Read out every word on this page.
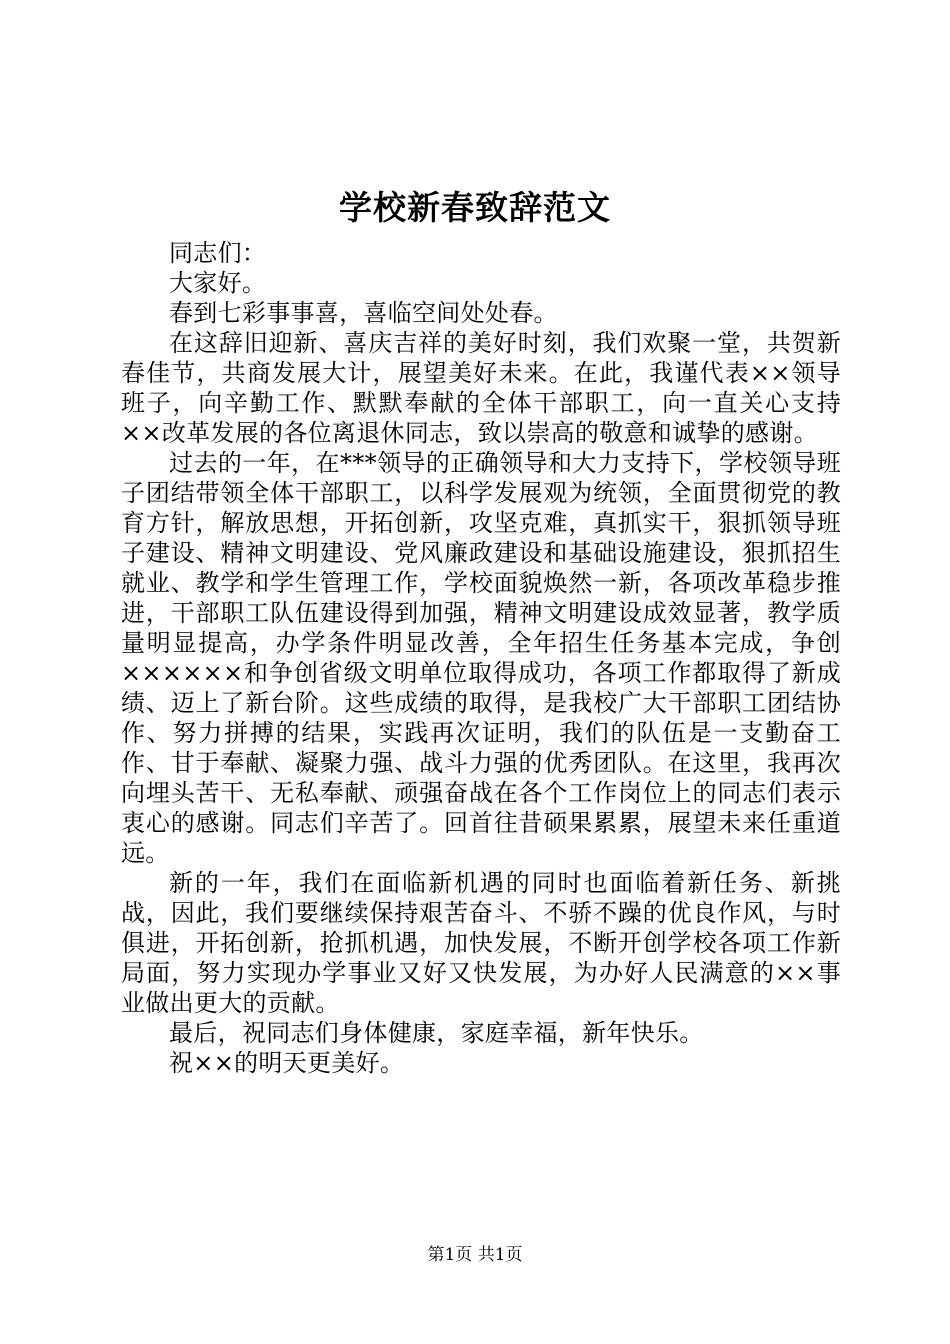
学校新春致辞范文

同志们：

大家好。

春到七彩事事喜，喜临空间处处春。

在这辞旧迎新、喜庆吉祥的美好时刻，我们欢聚一堂，共贺新春佳节，共商发展大计，展望美好未来。在此，我谨代表××领导班子，向辛勤工作、默默奉献的全体干部职工，向一直关心支持××改革发展的各位离退休同志，致以崇高的敬意和诚挚的感谢。

过去的一年，在***领导的正确领导和大力支持下，学校领导班子团结带领全体干部职工，以科学发展观为统领，全面贯彻党的教育方针，解放思想，开拓创新，攻坚克难，真抓实干，狠抓领导班子建设、精神文明建设、党风廉政建设和基础设施建设，狠抓招生就业、教学和学生管理工作，学校面貌焕然一新，各项改革稳步推进，干部职工队伍建设得到加强，精神文明建设成效显著，教学质量明显提高，办学条件明显改善，全年招生任务基本完成，争创××××××和争创省级文明单位取得成功，各项工作都取得了新成绩、迈上了新台阶。这些成绩的取得，是我校广大干部职工团结协作、努力拼搏的结果，实践再次证明，我们的队伍是一支勤奋工作、甘于奉献、凝聚力强、战斗力强的优秀团队。在这里，我再次向埋头苦干、无私奉献、顽强奋战在各个工作岗位上的同志们表示衷心的感谢。同志们辛苦了。回首往昔硕果累累，展望未来任重道远。

新的一年，我们在面临新机遇的同时也面临着新任务、新挑战，因此，我们要继续保持艰苦奋斗、不骄不躁的优良作风，与时俱进，开拓创新，抢抓机遇，加快发展，不断开创学校各项工作新局面，努力实现办学事业又好又快发展，为办好人民满意的××事业做出更大的贡献。

最后，祝同志们身体健康，家庭幸福，新年快乐。

祝××的明天更美好。

第1页 共1页
